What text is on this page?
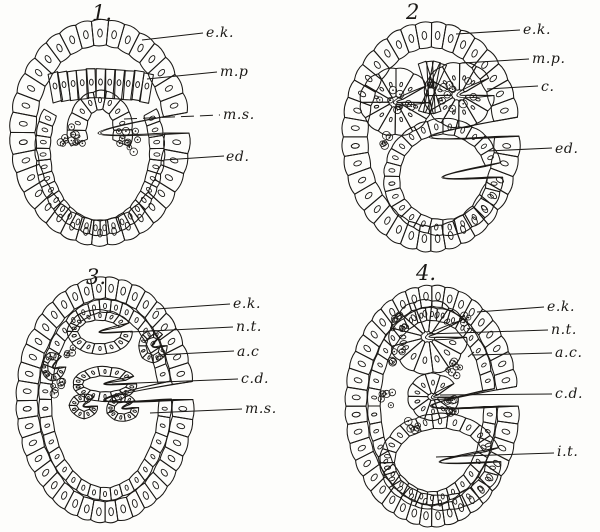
1.	2
3.	4.
e.k.
m.p
m.s.
ed.
e.k.
m.p.
c.
ed.
e.k.
n.t.
a.c
c.d.
m.s.
e.k.
n.t.
a.c.
c.d.
i.t.
